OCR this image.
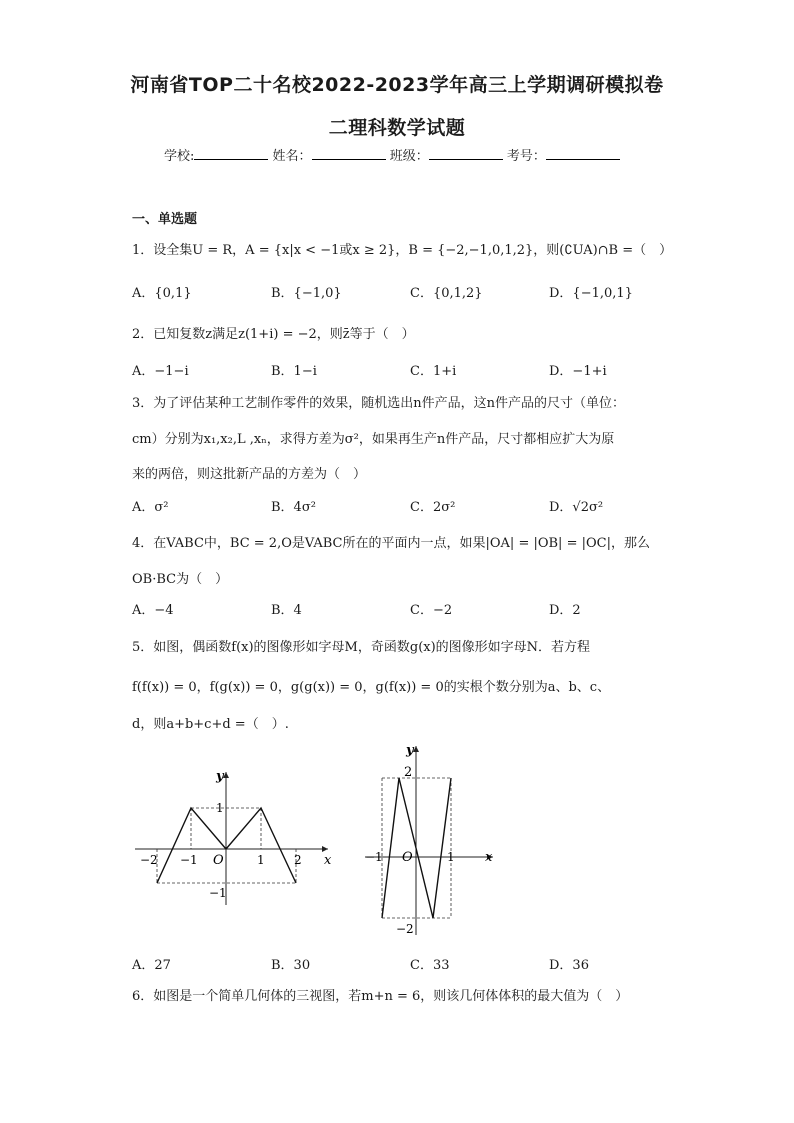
河南省TOP二十名校2022-2023学年高三上学期调研模拟卷
二理科数学试题
学校:	姓名：	班级：	考号：
一、单选题
1．设全集U = R，A = {x|x < −1或x ≥ 2}，B = {−2,−1,0,1,2}，则(∁UA)∩B =（　）
A．{0,1}	B．{−1,0}	C．{0,1,2}	D．{−1,0,1}
2．已知复数z满足z(1+i) = −2，则z̄等于（　）
A．−1−i	B．1−i	C．1+i	D．−1+i
3．为了评估某种工艺制作零件的效果，随机选出n件产品，这n件产品的尺寸（单位：
cm）分别为x₁,x₂,L ,xₙ，求得方差为σ²，如果再生产n件产品，尺寸都相应扩大为原
来的两倍，则这批新产品的方差为（　）
A．σ²	B．4σ²	C．2σ²	D．√2σ²
4．在VABC中，BC = 2,O是VABC所在的平面内一点，如果|OA| = |OB| = |OC|，那么
OB·BC为（　）
A．−4	B．4	C．−2	D．2
5．如图，偶函数f(x)的图像形如字母M，奇函数g(x)的图像形如字母N．若方程
f(f(x)) = 0，f(g(x)) = 0，g(g(x)) = 0，g(f(x)) = 0的实根个数分别为a、b、c、
d，则a+b+c+d =（　）.
y
x
O
−2 −1	1 2
1
−1
y
x
O
2
−1	1
−2
A．27	B．30	C．33	D．36
6．如图是一个简单几何体的三视图，若m+n = 6，则该几何体体积的最大值为（　）
